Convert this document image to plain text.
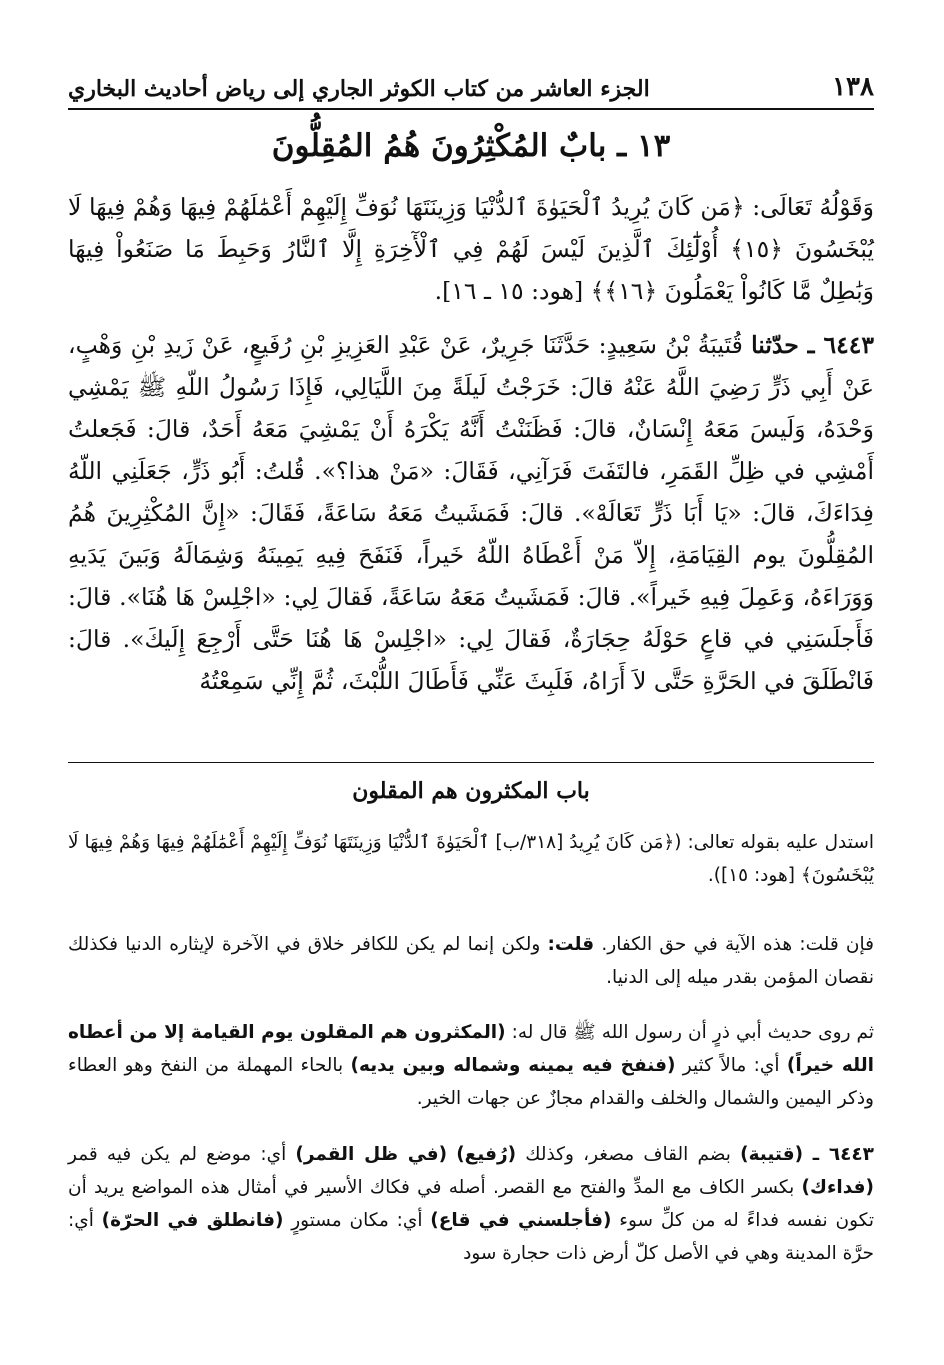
١٣٨
الجزء العاشر من كتاب الكوثر الجاري إلى رياض أحاديث البخاري
١٣ ـ بابٌ المُكْثِرُونَ هُمُ المُقِلُّونَ
وَقَوْلُهُ تَعَالَى: ﴿مَن كَانَ يُرِيدُ ٱلْحَيَوٰةَ ٱلدُّنْيَا وَزِينَتَهَا نُوَفِّ إِلَيْهِمْ أَعْمَٰلَهُمْ فِيهَا وَهُمْ فِيهَا لَا يُبْخَسُونَ ﴿١٥﴾ أُوْلَٰٓئِكَ ٱلَّذِينَ لَيْسَ لَهُمْ فِي ٱلْأٓخِرَةِ إِلَّا ٱلنَّارُ وَحَبِطَ مَا صَنَعُواْ فِيهَا وَبَٰطِلٌ مَّا كَانُواْ يَعْمَلُونَ ﴿١٦﴾﴾ [هود: ١٥ ـ ١٦].
٦٤٤٣ ـ حدّثنا قُتَيبَةُ بْنُ سَعِيدٍ: حَدَّثَنَا جَرِيرٌ، عَنْ عَبْدِ العَزِيزِ بْنِ رُفَيعٍ، عَنْ زَيدِ بْنِ وَهْبٍ، عَنْ أَبِي ذَرٍّ رَضِيَ اللَّهُ عَنْهُ قالَ: خَرَجْتُ لَيلَةً مِنَ اللَّيَالِي، فَإِذَا رَسُولُ اللّهِ ﷺ يَمْشِي وَحْدَهُ، وَلَيسَ مَعَهُ إِنْسَانٌ، قالَ: فَظَنَنْتُ أَنَّهُ يَكْرَهُ أَنْ يَمْشِيَ مَعَهُ أَحَدٌ، قالَ: فَجَعلتُ أَمْشِي في ظِلِّ القَمَرِ، فالتَفَتَ فَرَآنِي، فَقَالَ: «مَنْ هذا؟». قُلتُ: أَبُو ذَرٍّ، جَعَلَنِي اللّهُ فِدَاءَكَ، قالَ: «يَا أَبَا ذَرٍّ تَعَالَهْ». قالَ: فَمَشَيتُ مَعَهُ سَاعَةً، فَقَالَ: «إِنَّ المُكْثِرِينَ هُمُ المُقِلُّونَ يوم القِيَامَةِ، إِلاّ مَنْ أَعْطَاهُ اللّهُ خَيراً، فَنَفَحَ فِيهِ يَمِينَهُ وَشِمَالَهُ وَبَينَ يَدَيهِ وَوَرَاءَهُ، وَعَمِلَ فِيهِ خَيراً». قالَ: فَمَشَيتُ مَعَهُ سَاعَةً، فَقالَ لِي: «اجْلِسْ هَا هُنَا». قالَ: فَأَجلَسَنِي في قاعٍ حَوْلَهُ حِجَارَةٌ، فَقالَ لِي: «اجْلِسْ هَا هُنَا حَتَّى أَرْجِعَ إِلَيكَ». قالَ: فَانْطَلَقَ في الحَرَّةِ حَتَّى لاَ أَرَاهُ، فَلَبِثَ عَنِّي فَأَطَالَ اللُّبْثَ، ثُمَّ إِنِّي سَمِعْتُهُ
باب المكثرون هم المقلون
استدل عليه بقوله تعالى: (﴿مَن كَانَ يُرِيدُ [٣١٨/ب] ٱلْحَيَوٰةَ ٱلدُّنْيَا وَزِينَتَهَا نُوَفِّ إِلَيْهِمْ أَعْمَٰلَهُمْ فِيهَا وَهُمْ فِيهَا لَا يُبْخَسُونَ﴾ [هود: ١٥]).
فإن قلت: هذه الآية في حق الكفار. قلت: ولكن إنما لم يكن للكافر خلاق في الآخرة لإيثاره الدنيا فكذلك نقصان المؤمن بقدر ميله إلى الدنيا.
ثم روى حديث أبي ذرٍ أن رسول الله ﷺ قال له: (المكثرون هم المقلون يوم القيامة إلا من أعطاه الله خيراً) أي: مالاً كثير (فنفخ فيه يمينه وشماله وبين يديه) بالحاء المهملة من النفخ وهو العطاء وذكر اليمين والشمال والخلف والقدام مجازٌ عن جهات الخير.
٦٤٤٣ ـ (قتيبة) بضم القاف مصغر، وكذلك (رُفيع) (في ظل القمر) أي: موضع لم يكن فيه قمر (فداءك) بكسر الكاف مع المدِّ والفتح مع القصر. أصله في فكاك الأسير في أمثال هذه المواضع يريد أن تكون نفسه فداءً له من كلِّ سوء (فأجلسني في قاع) أي: مكان مستورٍ (فانطلق في الحرّة) أي: حرَّة المدينة وهي في الأصل كلّ أرض ذات حجارة سود
